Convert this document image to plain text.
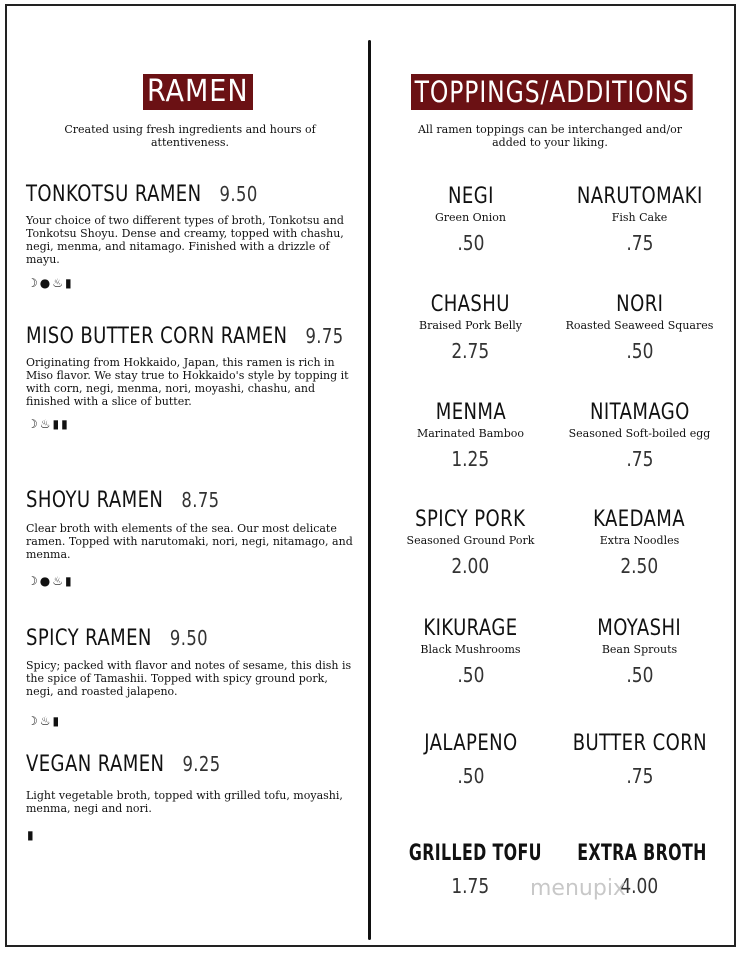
RAMEN
Created using fresh ingredients and hours of attentiveness.
TOPPINGS/ADDITIONS
All ramen toppings can be interchanged and/or added to your liking.
TONKOTSU RAMEN 9.50
Your choice of two different types of broth, Tonkotsu and Tonkotsu Shoyu. Dense and creamy, topped with chashu, negi, menma, and nitamago. Finished with a drizzle of mayu.
☽●♨▮
MISO BUTTER CORN RAMEN 9.75
Originating from Hokkaido, Japan, this ramen is rich in Miso flavor. We stay true to Hokkaido's style by topping it with corn, negi, menma, nori, moyashi, chashu, and finished with a slice of butter.
☽♨▮▮
SHOYU RAMEN 8.75
Clear broth with elements of the sea. Our most delicate ramen. Topped with narutomaki, nori, negi, nitamago, and menma.
☽●♨▮
SPICY RAMEN 9.50
Spicy; packed with flavor and notes of sesame, this dish is the spice of Tamashii. Topped with spicy ground pork, negi, and roasted jalapeno.
☽♨▮
VEGAN RAMEN 9.25
Light vegetable broth, topped with grilled tofu, moyashi, menma, negi and nori.
▮
NEGI
Green Onion
.50
NARUTOMAKI
Fish Cake
.75
CHASHU
Braised Pork Belly
2.75
NORI
Roasted Seaweed Squares
.50
MENMA
Marinated Bamboo
1.25
NITAMAGO
Seasoned Soft-boiled egg
.75
SPICY PORK
Seasoned Ground Pork
2.00
KAEDAMA
Extra Noodles
2.50
KIKURAGE
Black Mushrooms
.50
MOYASHI
Bean Sprouts
.50
JALAPENO
.50
BUTTER CORN
.75
GRILLED TOFU
1.75
EXTRA BROTH
4.00
menupix
